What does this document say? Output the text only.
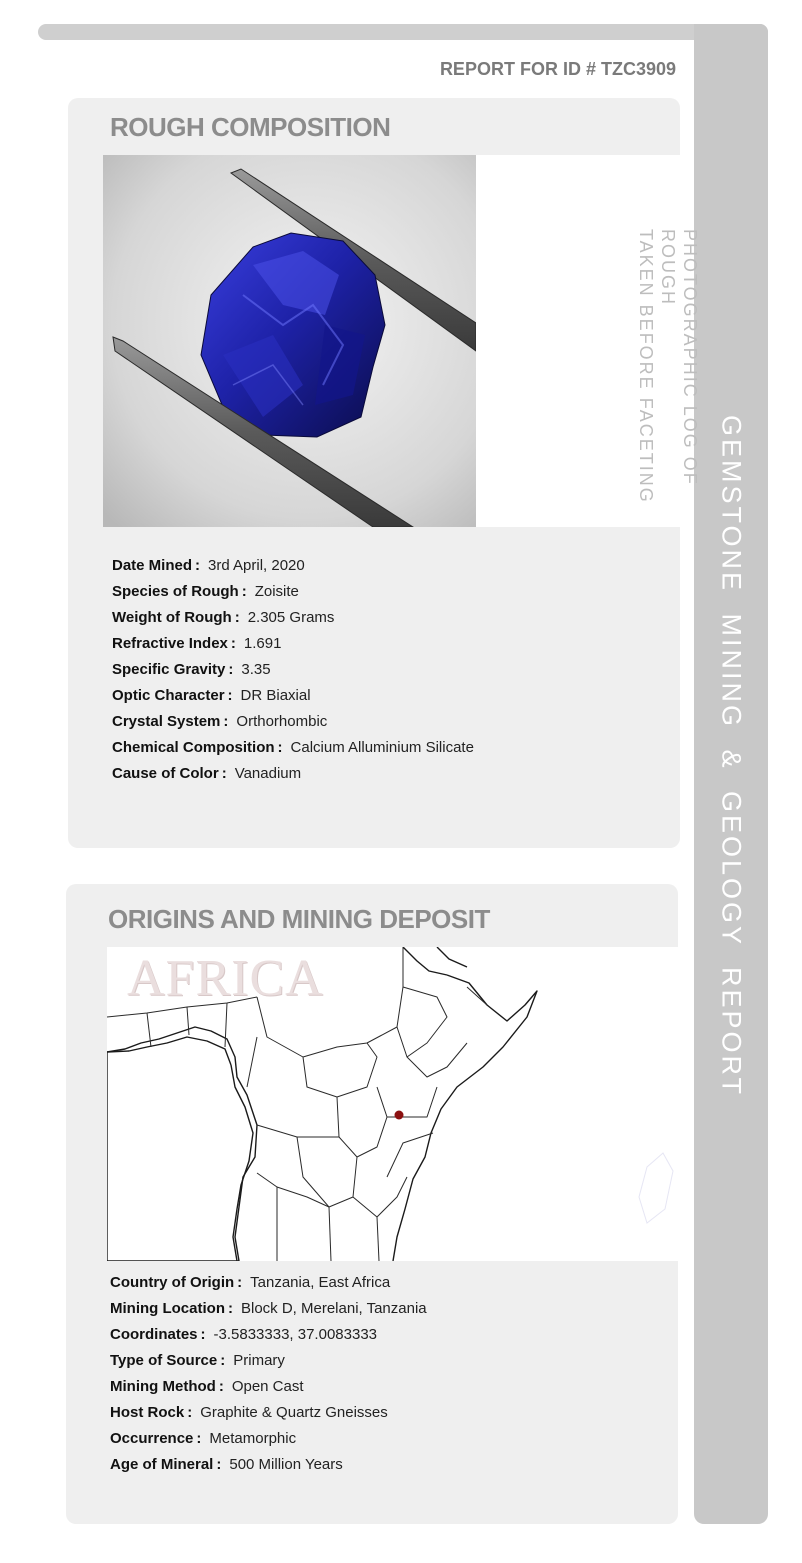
GEMSTONE MINING & GEOLOGY REPORT
REPORT FOR ID # TZC3909
ROUGH COMPOSITION
PHOTOGRAPHIC LOG OF ROUGH
TAKEN BEFORE FACETING
Date Mined : 3rd April, 2020
Species of Rough : Zoisite
Weight of Rough : 2.305 Grams
Refractive Index : 1.691
Specific Gravity : 3.35
Optic Character : DR Biaxial
Crystal System : Orthorhombic
Chemical Composition : Calcium Alluminium Silicate
Cause of Color : Vanadium
ORIGINS AND MINING DEPOSIT
AFRICA
Country of Origin : Tanzania, East Africa
Mining Location : Block D, Merelani, Tanzania
Coordinates : -3.5833333, 37.0083333
Type of Source : Primary
Mining Method : Open Cast
Host Rock : Graphite & Quartz Gneisses
Occurrence : Metamorphic
Age of Mineral : 500 Million Years
